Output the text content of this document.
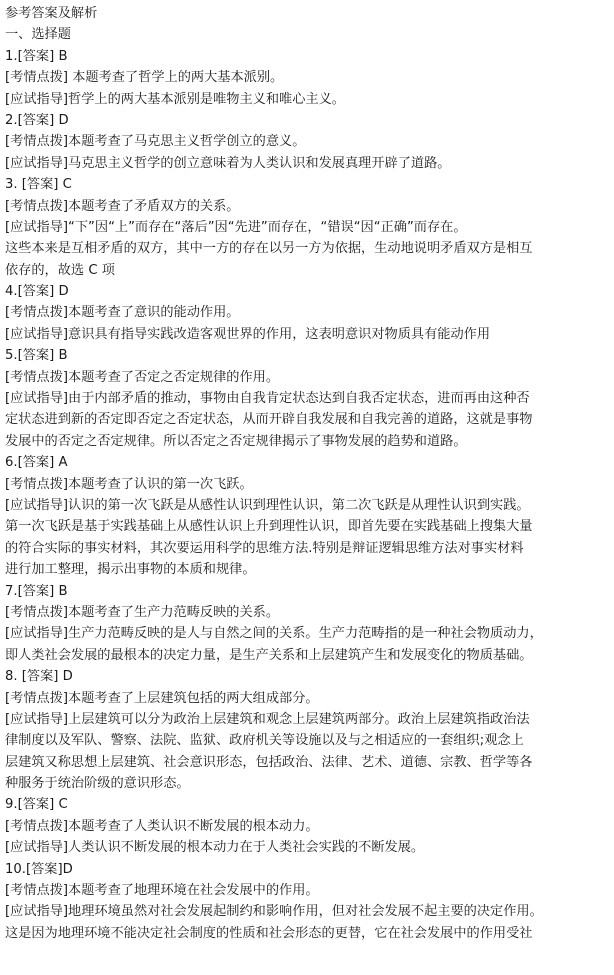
参考答案及解析
一、选择题
1.[答案] B
[考情点拨] 本题考查了哲学上的两大基本派别。
[应试指导]哲学上的两大基本派别是唯物主义和唯心主义。
2.[答案] D
[考情点拨]本题考查了马克思主义哲学创立的意义。
[应试指导]马克思主义哲学的创立意味着为人类认识和发展真理开辟了道路。
3. [答案] C
[考情点拨]本题考查了矛盾双方的关系。
[应试指导]“下”因“上”而存在“落后”因“先进”而存在，“错误“因“正确”而存在。
这些本来是互相矛盾的双方，其中一方的存在以另一方为依据，生动地说明矛盾双方是相互
依存的，故选 C 项
4.[答案] D
[考情点拨]本题考查了意识的能动作用。
[应试指导]意识具有指导实践改造客观世界的作用，这表明意识对物质具有能动作用
5.[答案] B
[考情点拨]本题考查了否定之否定规律的作用。
[应试指导]由于内部矛盾的推动，事物由自我肯定状态达到自我否定状态，进而再由这种否
定状态进到新的否定即否定之否定状态，从而开辟自我发展和自我完善的道路，这就是事物
发展中的否定之否定规律。所以否定之否定规律揭示了事物发展的趋势和道路。
6.[答案] A
[考情点拨]本题考查了认识的第一次飞跃。
[应试指导]认识的第一次飞跃是从感性认识到理性认识，第二次飞跃是从理性认识到实践。
第一次飞跃是基于实践基础上从感性认识上升到理性认识，即首先要在实践基础上搜集大量
的符合实际的事实材料，其次要运用科学的思维方法.特别是辩证逻辑思维方法对事实材料
进行加工整理，揭示出事物的本质和规律。
7.[答案] B
[考情点拨]本题考查了生产力范畴反映的关系。
[应试指导]生产力范畴反映的是人与自然之间的关系。生产力范畴指的是一种社会物质动力，
即人类社会发展的最根本的决定力量，是生产关系和上层建筑产生和发展变化的物质基础。
8. [答案] D
[考情点拨]本题考查了上层建筑包括的两大组成部分。
[应试指导]上层建筑可以分为政治上层建筑和观念上层建筑两部分。政治上层建筑指政治法
律制度以及军队、警察、法院、监狱、政府机关等设施以及与之相适应的一套组织;观念上
层建筑又称思想上层建筑、社会意识形态，包括政治、法律、艺术、道德、宗教、哲学等各
种服务于统治阶级的意识形态。
9.[答案] C
[考情点拨]本题考查了人类认识不断发展的根本动力。
[应试指导]人类认识不断发展的根本动力在于人类社会实践的不断发展。
10.[答案]D
[考情点拨]本题考查了地理环境在社会发展中的作用。
[应试指导]地理环境虽然对社会发展起制约和影响作用，但对社会发展不起主要的决定作用。
这是因为地理环境不能决定社会制度的性质和社会形态的更替，它在社会发展中的作用受社
